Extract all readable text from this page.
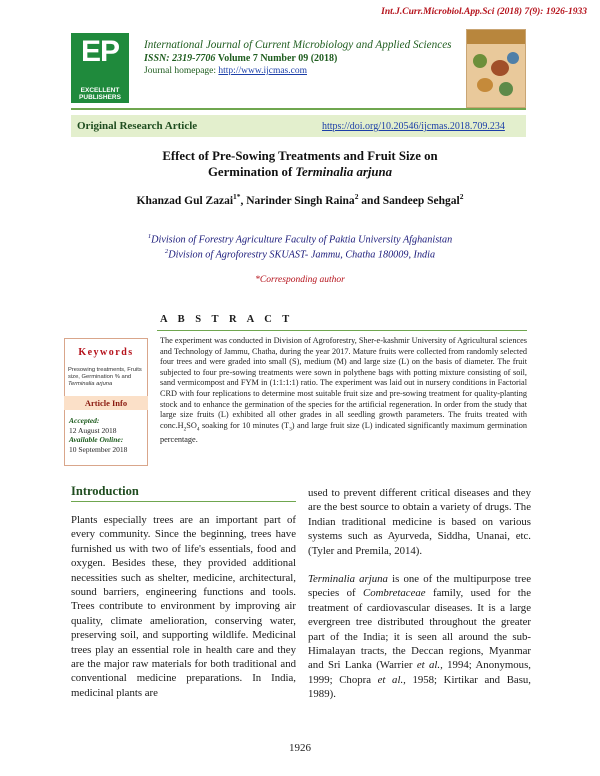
Int.J.Curr.Microbiol.App.Sci (2018) 7(9): 1926-1933
EP
EXCELLENT PUBLISHERS
International Journal of Current Microbiology and Applied Sciences
ISSN: 2319-7706 Volume 7 Number 09 (2018)
Journal homepage: http://www.ijcmas.com
Original Research Article	https://doi.org/10.20546/ijcmas.2018.709.234
Effect of Pre-Sowing Treatments and Fruit Size on
Germination of Terminalia arjuna
Khanzad Gul Zazai$^{1*}$, Narinder Singh Raina$^2$ and Sandeep Sehgal$^2$
$^1$Division of Forestry Agriculture Faculty of Paktia University Afghanistan
$^2$Division of Agroforestry SKUAST- Jammu, Chatha 180009, India
*Corresponding author
A B S T R A C T
Keywords
Presowing treatments, Fruits size, Germination % and Terminalia arjuna
Article Info
Accepted:
12 August 2018
Available Online:
10 September 2018
The experiment was conducted in Division of Agroforestry, Sher-e-kashmir University of Agricultural sciences and Technology of Jammu, Chatha, during the year 2017. Mature fruits were collected from randomly selected four trees and were graded into small (S), medium (M) and large size (L) on the basis of diameter. The fruit subjected to four pre-sowing treatments were sown in polythene bags with potting mixture consisting of soil, sand vermicompost and FYM in (1:1:1:1) ratio. The experiment was laid out in nursery conditions in Factorial CRD with four replications to determine most suitable fruit size and pre-sowing treatment for quality-planting stock and to enhance the germination of the species for the artificial regeneration. In order from the study that large size fruits (L) exhibited all other grades in all seedling growth parameters. The fruits treated with $conc.H_2SO_4$ soaking for 10 minutes $(T_3)$ and large fruit size (L) indicated significantly maximum germination percentage.
Introduction
Plants especially trees are an important part of every community. Since the beginning, trees have furnished us with two of life's essentials, food and oxygen. Besides these, they provided additional necessities such as shelter, medicine, architectural, sound barriers, engineering functions and tools. Trees contribute to environment by improving air quality, climate amelioration, conserving water, preserving soil, and supporting wildlife. Medicinal trees play an essential role in health care and they are the major raw materials for both traditional and conventional medicine preparations. In India, medicinal plants are
used to prevent different critical diseases and they are the best source to obtain a variety of drugs. The Indian traditional medicine is based on various systems such as Ayurveda, Siddha, Unanai, etc. (Tyler and Premila, 2014).
Terminalia arjuna is one of the multipurpose tree species of Combretaceae family, used for the treatment of cardiovascular diseases. It is a large evergreen tree distributed throughout the greater part of the India; it is seen all around the sub-Himalayan tracts, the Deccan regions, Myanmar and Sri Lanka (Warrier et al., 1994; Anonymous, 1999; Chopra et al., 1958; Kirtikar and Basu, 1989).
1926
